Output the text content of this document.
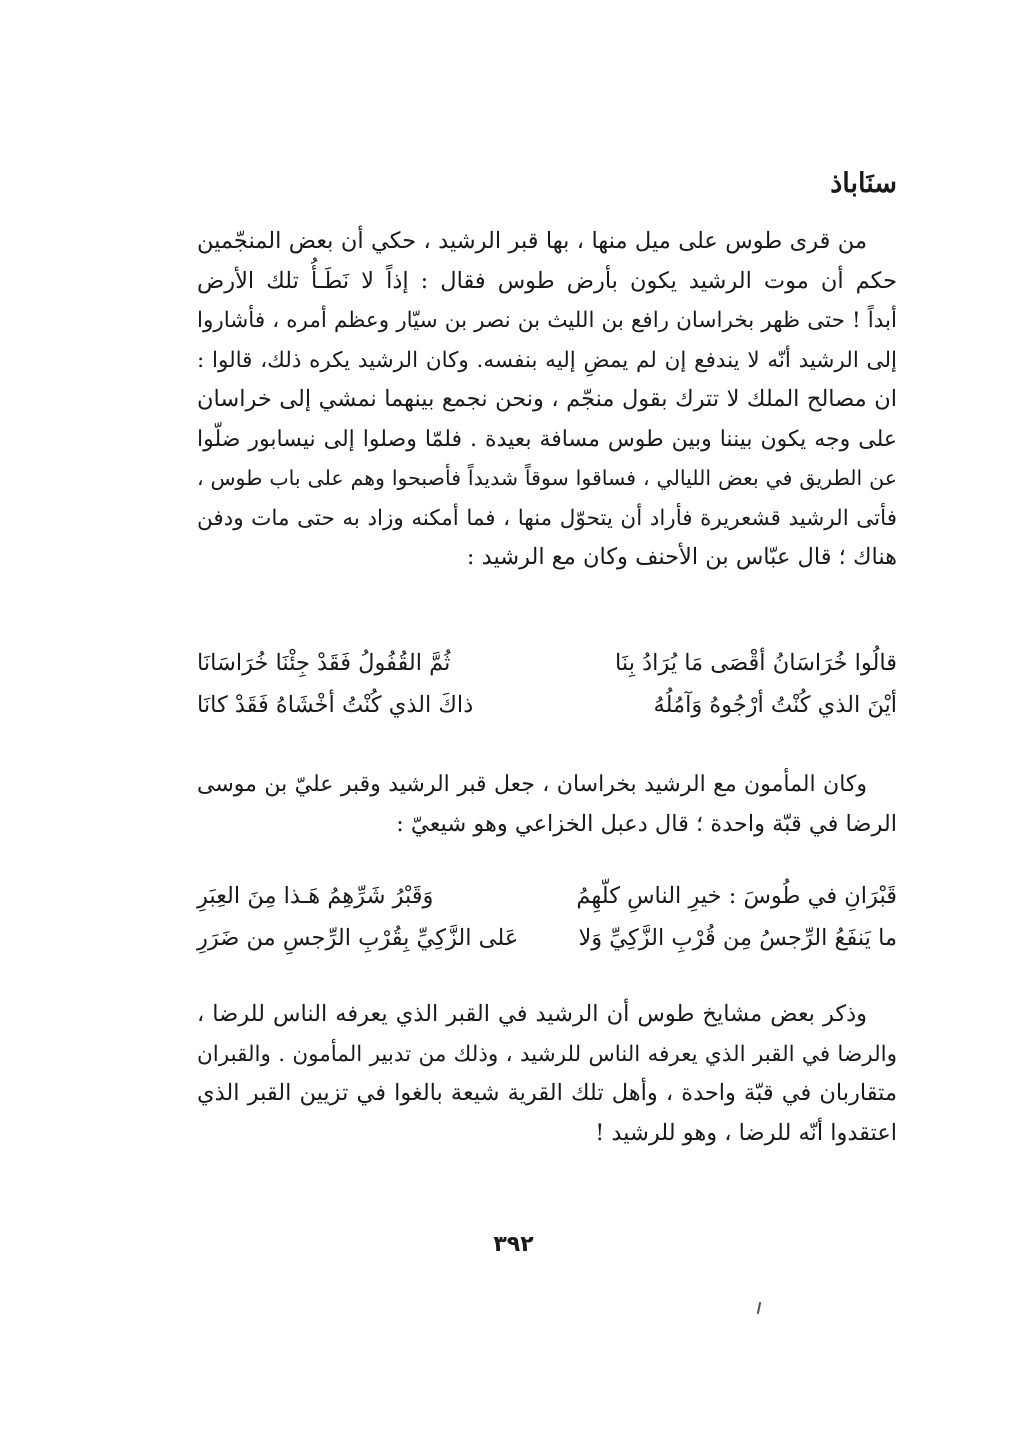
سنَاباذ
من قرى طوس على ميل منها ، بها قبر الرشيد ، حكي أن بعض المنجّمين
حكم أن موت الرشيد يكون بأرض طوس فقال : إذاً لا نَطَـأُ تلك الأرض
أبداً ! حتى ظهر بخراسان رافع بن الليث بن نصر بن سيّار وعظم أمره ، فأشاروا
إلى الرشيد أنّه لا يندفع إن لم يمضِ إليه بنفسه. وكان الرشيد يكره ذلك، قالوا :
ان مصالح الملك لا تترك بقول منجّم ، ونحن نجمع بينهما نمشي إلى خراسان
على وجه يكون بيننا وبين طوس مسافة بعيدة . فلمّا وصلوا إلى نيسابور ضلّوا
عن الطريق في بعض الليالي ، فساقوا سوقاً شديداً فأصبحوا وهم على باب طوس ،
فأتى الرشيد قشعريرة فأراد أن يتحوّل منها ، فما أمكنه وزاد به حتى مات ودفن
هناك ؛ قال عبّاس بن الأحنف وكان مع الرشيد :
قالُوا خُرَاسَانُ أقْصَى مَا يُرَادُ بِنَا
ثُمَّ القُفُولُ فَقَدْ جِئْنَا خُرَاسَانَا
أيْنَ الذي كُنْتُ أرْجُوهُ وَآمُلُهُ
ذاكَ الذي كُنْتُ أخْشَاهُ فَقَدْ كانَا
وكان المأمون مع الرشيد بخراسان ، جعل قبر الرشيد وقبر عليّ بن موسى
الرضا في قبّة واحدة ؛ قال دعبل الخزاعي وهو شيعيّ :
قَبْرَانِ في طُوسَ : خيرِ الناسِ كلّهِمُ
وَقَبْرُ شَرِّهِمُ هَـذا مِنَ العِبَرِ
ما يَنفَعُ الرِّجسُ مِن قُرْبِ الزَّكِيِّ وَلا
عَلى الزَّكِيِّ بِقُرْبِ الرِّجسِ من ضَرَرِ
وذكر بعض مشايخ طوس أن الرشيد في القبر الذي يعرفه الناس للرضا ،
والرضا في القبر الذي يعرفه الناس للرشيد ، وذلك من تدبير المأمون . والقبران
متقاربان في قبّة واحدة ، وأهل تلك القرية شيعة بالغوا في تزيين القبر الذي
اعتقدوا أنّه للرضا ، وهو للرشيد !
٣٩٢
